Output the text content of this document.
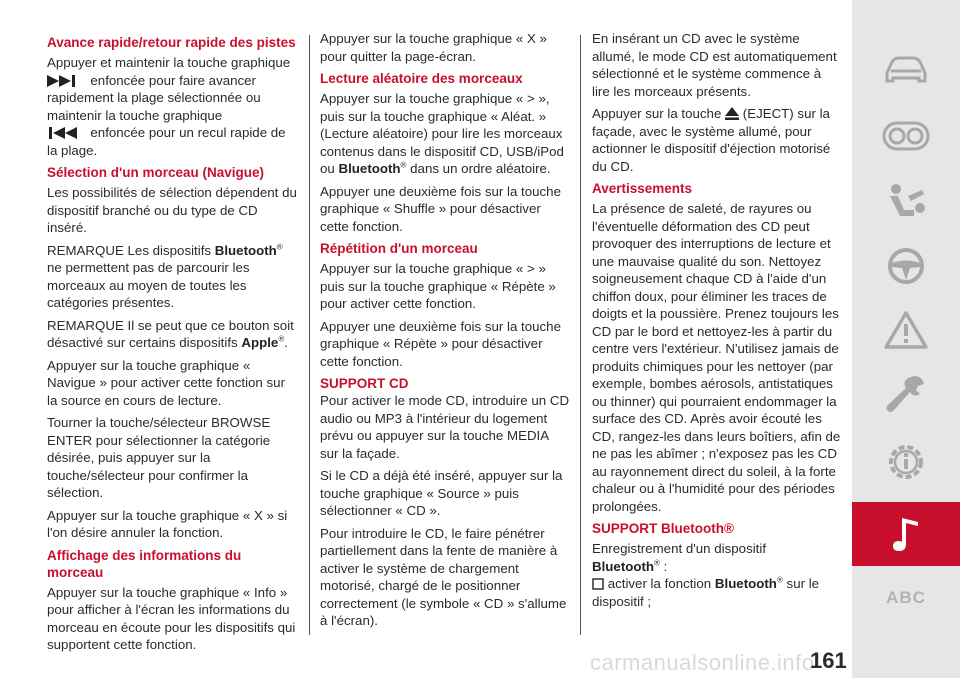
Avance rapide/retour rapide des pistes

Appuyer et maintenir la touche graphique
enfoncée pour faire avancer rapidement la plage sélectionnée ou maintenir la touche graphique
enfoncée pour un recul rapide de la plage.

Sélection d'un morceau (Navigue)

Les possibilités de sélection dépendent du dispositif branché ou du type de CD inséré.

REMARQUE Les dispositifs Bluetooth® ne permettent pas de parcourir les morceaux au moyen de toutes les catégories présentes.

REMARQUE Il se peut que ce bouton soit désactivé sur certains dispositifs Apple®.

Appuyer sur la touche graphique « Navigue » pour activer cette fonction sur la source en cours de lecture.

Tourner la touche/sélecteur BROWSE ENTER pour sélectionner la catégorie désirée, puis appuyer sur la touche/sélecteur pour confirmer la sélection.

Appuyer sur la touche graphique « X » si l'on désire annuler la fonction.

Affichage des informations du morceau

Appuyer sur la touche graphique « Info » pour afficher à l'écran les informations du morceau en écoute pour les dispositifs qui supportent cette fonction.

Appuyer sur la touche graphique « X » pour quitter la page-écran.

Lecture aléatoire des morceaux

Appuyer sur la touche graphique « > », puis sur la touche graphique « Aléat. » (Lecture aléatoire) pour lire les morceaux contenus dans le dispositif CD, USB/iPod ou Bluetooth® dans un ordre aléatoire.

Appuyer une deuxième fois sur la touche graphique « Shuffle » pour désactiver cette fonction.

Répétition d'un morceau

Appuyer sur la touche graphique « > » puis sur la touche graphique « Répète » pour activer cette fonction.

Appuyer une deuxième fois sur la touche graphique « Répète » pour désactiver cette fonction.

SUPPORT CD

Pour activer le mode CD, introduire un CD audio ou MP3 à l'intérieur du logement prévu ou appuyer sur la touche MEDIA sur la façade.

Si le CD a déjà été inséré, appuyer sur la touche graphique « Source » puis sélectionner « CD ».

Pour introduire le CD, le faire pénétrer partiellement dans la fente de manière à activer le système de chargement motorisé, chargé de le positionner correctement (le symbole « CD » s'allume à l'écran).

En insérant un CD avec le système allumé, le mode CD est automatiquement sélectionné et le système commence à lire les morceaux présents.

Appuyer sur la touche (EJECT) sur la façade, avec le système allumé, pour actionner le dispositif d'éjection motorisé du CD.

Avertissements

La présence de saleté, de rayures ou l'éventuelle déformation des CD peut provoquer des interruptions de lecture et une mauvaise qualité du son. Nettoyez soigneusement chaque CD à l'aide d'un chiffon doux, pour éliminer les traces de doigts et la poussière. Prenez toujours les CD par le bord et nettoyez-les à partir du centre vers l'extérieur. N'utilisez jamais de produits chimiques pour les nettoyer (par exemple, bombes aérosols, antistatiques ou thinner) qui pourraient endommager la surface des CD. Après avoir écouté les CD, rangez-les dans leurs boîtiers, afin de ne pas les abîmer ; n'exposez pas les CD au rayonnement direct du soleil, à la forte chaleur ou à l'humidité pour des périodes prolongées.

SUPPORT Bluetooth®

Enregistrement d'un dispositif
Bluetooth® :

activer la fonction Bluetooth® sur le dispositif ;	ABC
carmanualsonline.info
161
